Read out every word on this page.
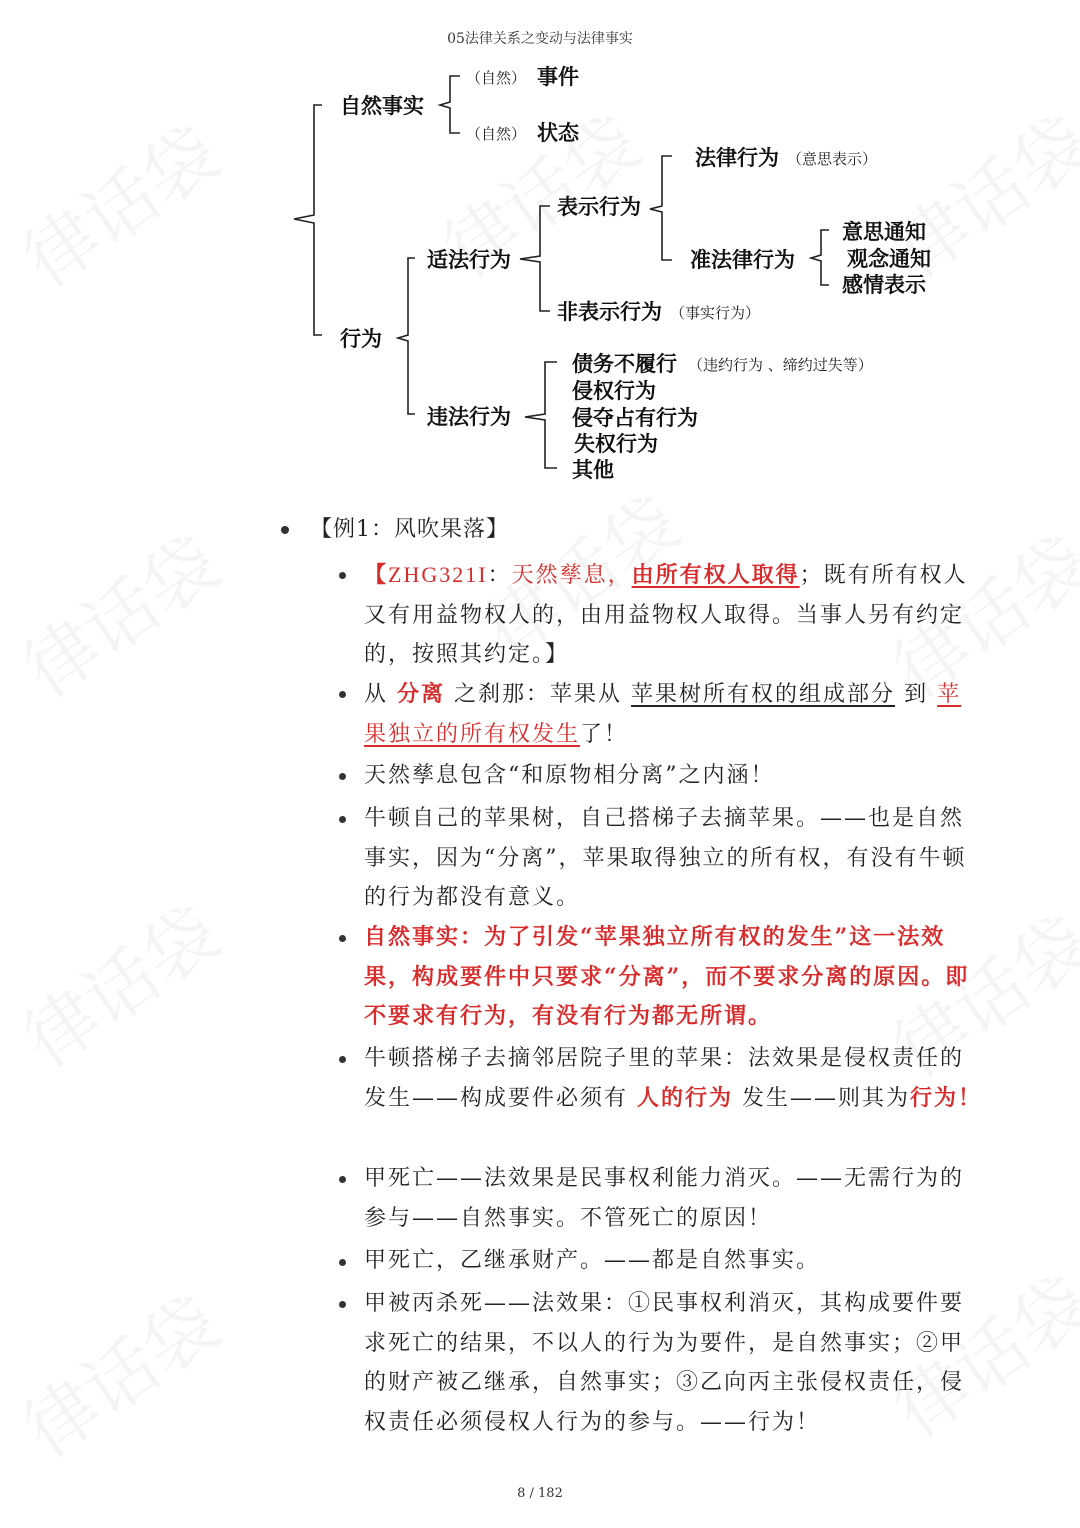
05法律关系之变动与法律事实
自然事实
（自然） 事件
（自然） 状态
行为
适法行为
表示行为
法律行为 （意思表示）
准法律行为
意思通知
观念通知
感情表示
非表示行为 （事实行为）
违法行为
债务不履行 （违约行为 、缔约过失等）
侵权行为
侵夺占有行为
失权行为
其他
【例1：风吹果落】
【ZHG321I：天然孳息，由所有权人取得；既有所有权人又有用益物权人的，由用益物权人取得。当事人另有约定的，按照其约定。】
从 分离 之刹那：苹果从 苹果树所有权的组成部分 到 苹果独立的所有权发生了！
天然孳息包含“和原物相分离”之内涵！
牛顿自己的苹果树，自己搭梯子去摘苹果。——也是自然事实，因为“分离”，苹果取得独立的所有权，有没有牛顿的行为都没有意义。
自然事实：为了引发“苹果独立所有权的发生”这一法效果，构成要件中只要求“分离”，而不要求分离的原因。即不要求有行为，有没有行为都无所谓。
牛顿搭梯子去摘邻居院子里的苹果：法效果是侵权责任的发生——构成要件必须有 人的行为 发生——则其为行为！
甲死亡——法效果是民事权利能力消灭。——无需行为的参与——自然事实。不管死亡的原因！
甲死亡，乙继承财产。——都是自然事实。
甲被丙杀死——法效果：①民事权利消灭，其构成要件要求死亡的结果，不以人的行为为要件，是自然事实；②甲的财产被乙继承，自然事实；③乙向丙主张侵权责任，侵权责任必须侵权人行为的参与。——行为！
8 / 182
